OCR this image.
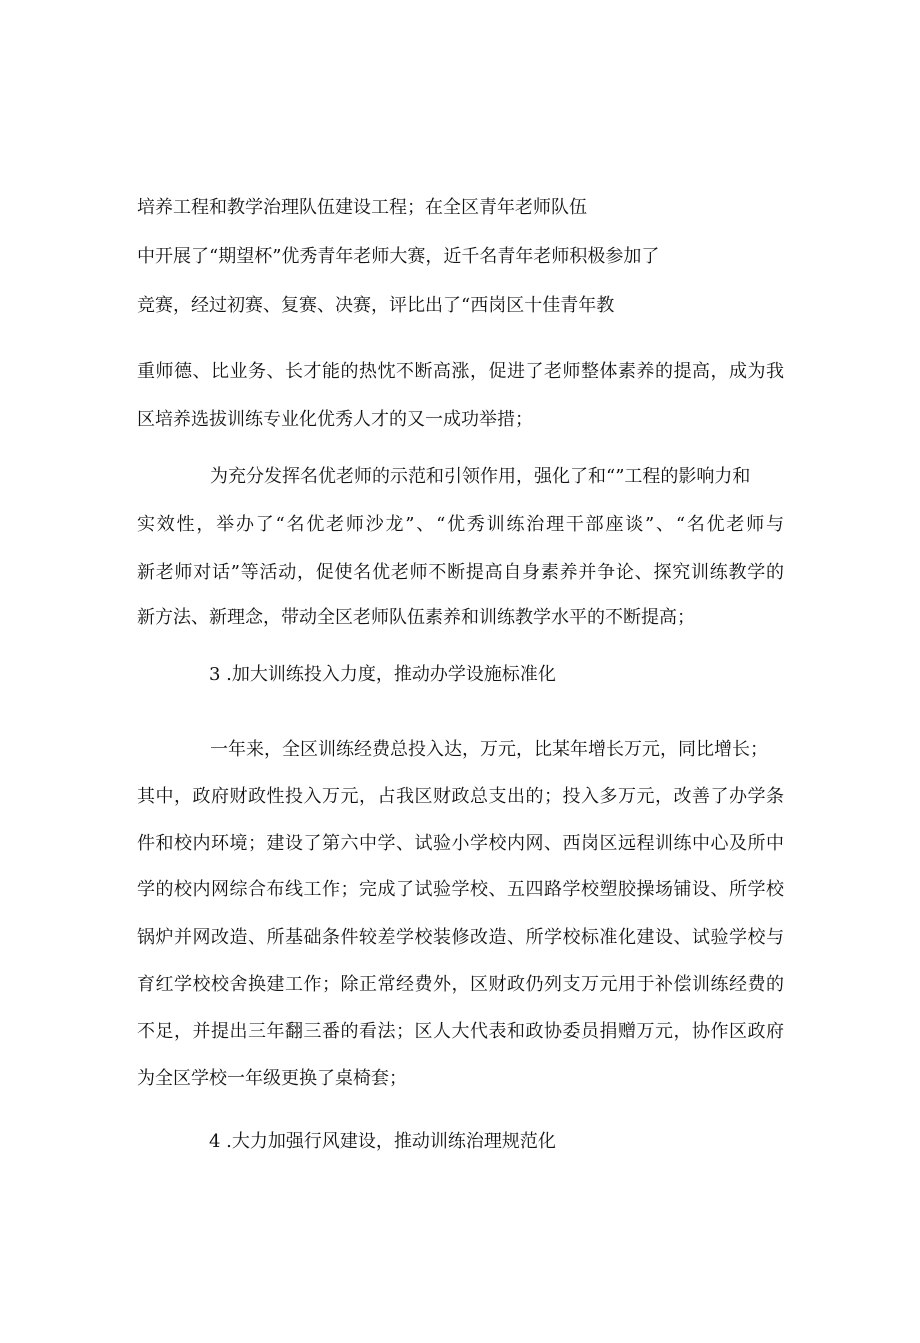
培养工程和教学治理队伍建设工程；在全区青年老师队伍
中开展了“期望杯”优秀青年老师大赛，近千名青年老师积极参加了
竞赛，经过初赛、复赛、决赛，评比出了“西岗区十佳青年教
重师德、比业务、长才能的热忱不断高涨，促进了老师整体素养的提高，成为我
区培养选拔训练专业化优秀人才的又一成功举措；
为充分发挥名优老师的示范和引领作用，强化了和“”工程的影响力和
实效性，举办了“名优老师沙龙”、“优秀训练治理干部座谈”、“名优老师与
新老师对话”等活动，促使名优老师不断提高自身素养并争论、探究训练教学的
新方法、新理念，带动全区老师队伍素养和训练教学水平的不断提高；
3 .加大训练投入力度，推动办学设施标准化
一年来，全区训练经费总投入达，万元，比某年增长万元，同比增长；
其中，政府财政性投入万元，占我区财政总支出的；投入多万元，改善了办学条
件和校内环境；建设了第六中学、试验小学校内网、西岗区远程训练中心及所中
学的校内网综合布线工作；完成了试验学校、五四路学校塑胶操场铺设、所学校
锅炉并网改造、所基础条件较差学校装修改造、所学校标准化建设、试验学校与
育红学校校舍换建工作；除正常经费外，区财政仍列支万元用于补偿训练经费的
不足，并提出三年翻三番的看法；区人大代表和政协委员捐赠万元，协作区政府
为全区学校一年级更换了桌椅套；
4 .大力加强行风建设，推动训练治理规范化
